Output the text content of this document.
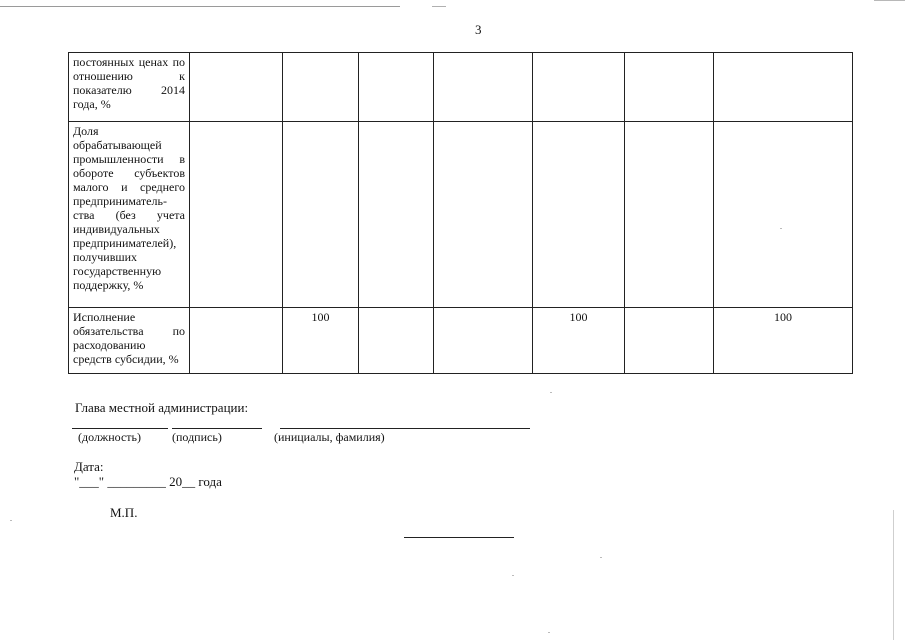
3
постоянных ценах по отношению к показателю 2014 года, %							
Доля обрабатывающей промышленности в обороте субъектов малого и среднего предприниматель-ства (без учета индивидуальных предпринимателей), получивших государственную поддержку, %							
Исполнение обязательства по расходованию средств субсидии, %		100			100		100
Глава местной администрации:
(должность)	(подпись)	(инициалы, фамилия)
Дата:
"___" _________ 20__ года
М.П.
